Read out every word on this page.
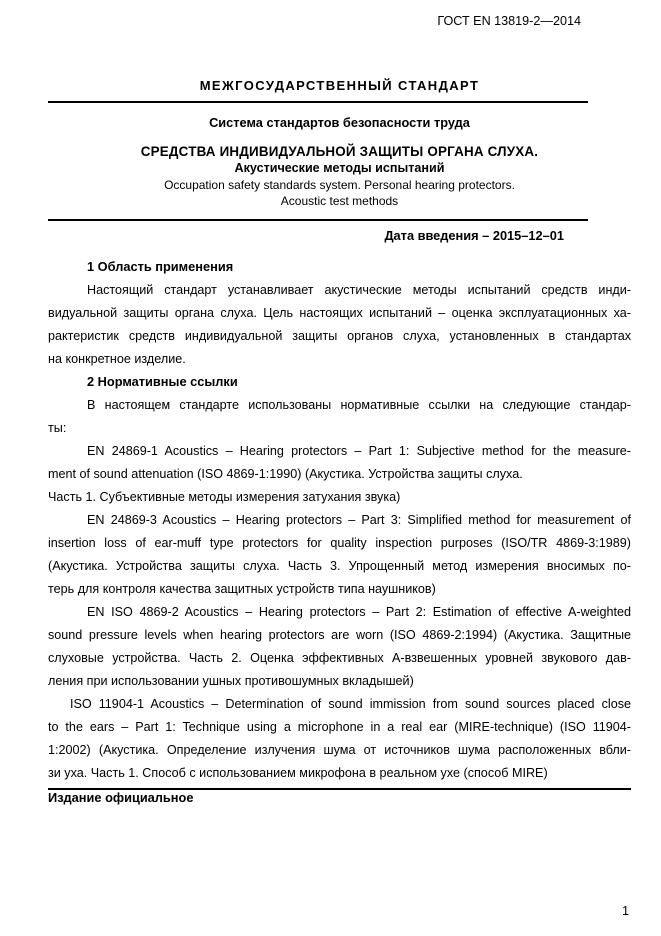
ГОСТ EN 13819-2—2014
МЕЖГОСУДАРСТВЕННЫЙ СТАНДАРТ
Система стандартов безопасности труда
СРЕДСТВА ИНДИВИДУАЛЬНОЙ ЗАЩИТЫ ОРГАНА СЛУХА.
Акустические методы испытаний
Occupation safety standards system. Personal hearing protectors.
Acoustic test methods
Дата введения – 2015–12–01
1 Область применения
Настоящий стандарт устанавливает акустические методы испытаний средств инди-
видуальной защиты органа слуха. Цель настоящих испытаний – оценка эксплуатационных ха-
рактеристик средств индивидуальной защиты органов слуха, установленных в стандартах
на конкретное изделие.
2 Нормативные ссылки
В настоящем стандарте использованы нормативные ссылки на следующие стандар-
ты:
EN 24869-1 Acoustics – Hearing protectors – Part 1: Subjective method for the measure-
ment of sound attenuation (ISO 4869-1:1990) (Акустика. Устройства защиты слуха.
Часть 1. Субъективные методы измерения затухания звука)
EN 24869-3 Acoustics – Hearing protectors – Part 3: Simplified method for measurement of
insertion loss of ear-muff type protectors for quality inspection purposes (ISO/TR 4869-3:1989)
(Акустика. Устройства защиты слуха. Часть 3. Упрощенный метод измерения вносимых по-
терь для контроля качества защитных устройств типа наушников)
EN ISO 4869-2 Acoustics – Hearing protectors – Part 2: Estimation of effective A-weighted
sound pressure levels when hearing protectors are worn (ISO 4869-2:1994) (Акустика. Защитные
слуховые устройства. Часть 2. Оценка эффективных А-взвешенных уровней звукового дав-
ления при использовании ушных противошумных вкладышей)
ISO 11904-1 Acoustics – Determination of sound immission from sound sources placed close
to the ears – Part 1: Technique using a microphone in a real ear (MIRE-technique) (ISO 11904-
1:2002) (Акустика. Определение излучения шума от источников шума расположенных вбли-
зи уха. Часть 1. Способ с использованием микрофона в реальном ухе (способ MIRE)
Издание официальное
1
